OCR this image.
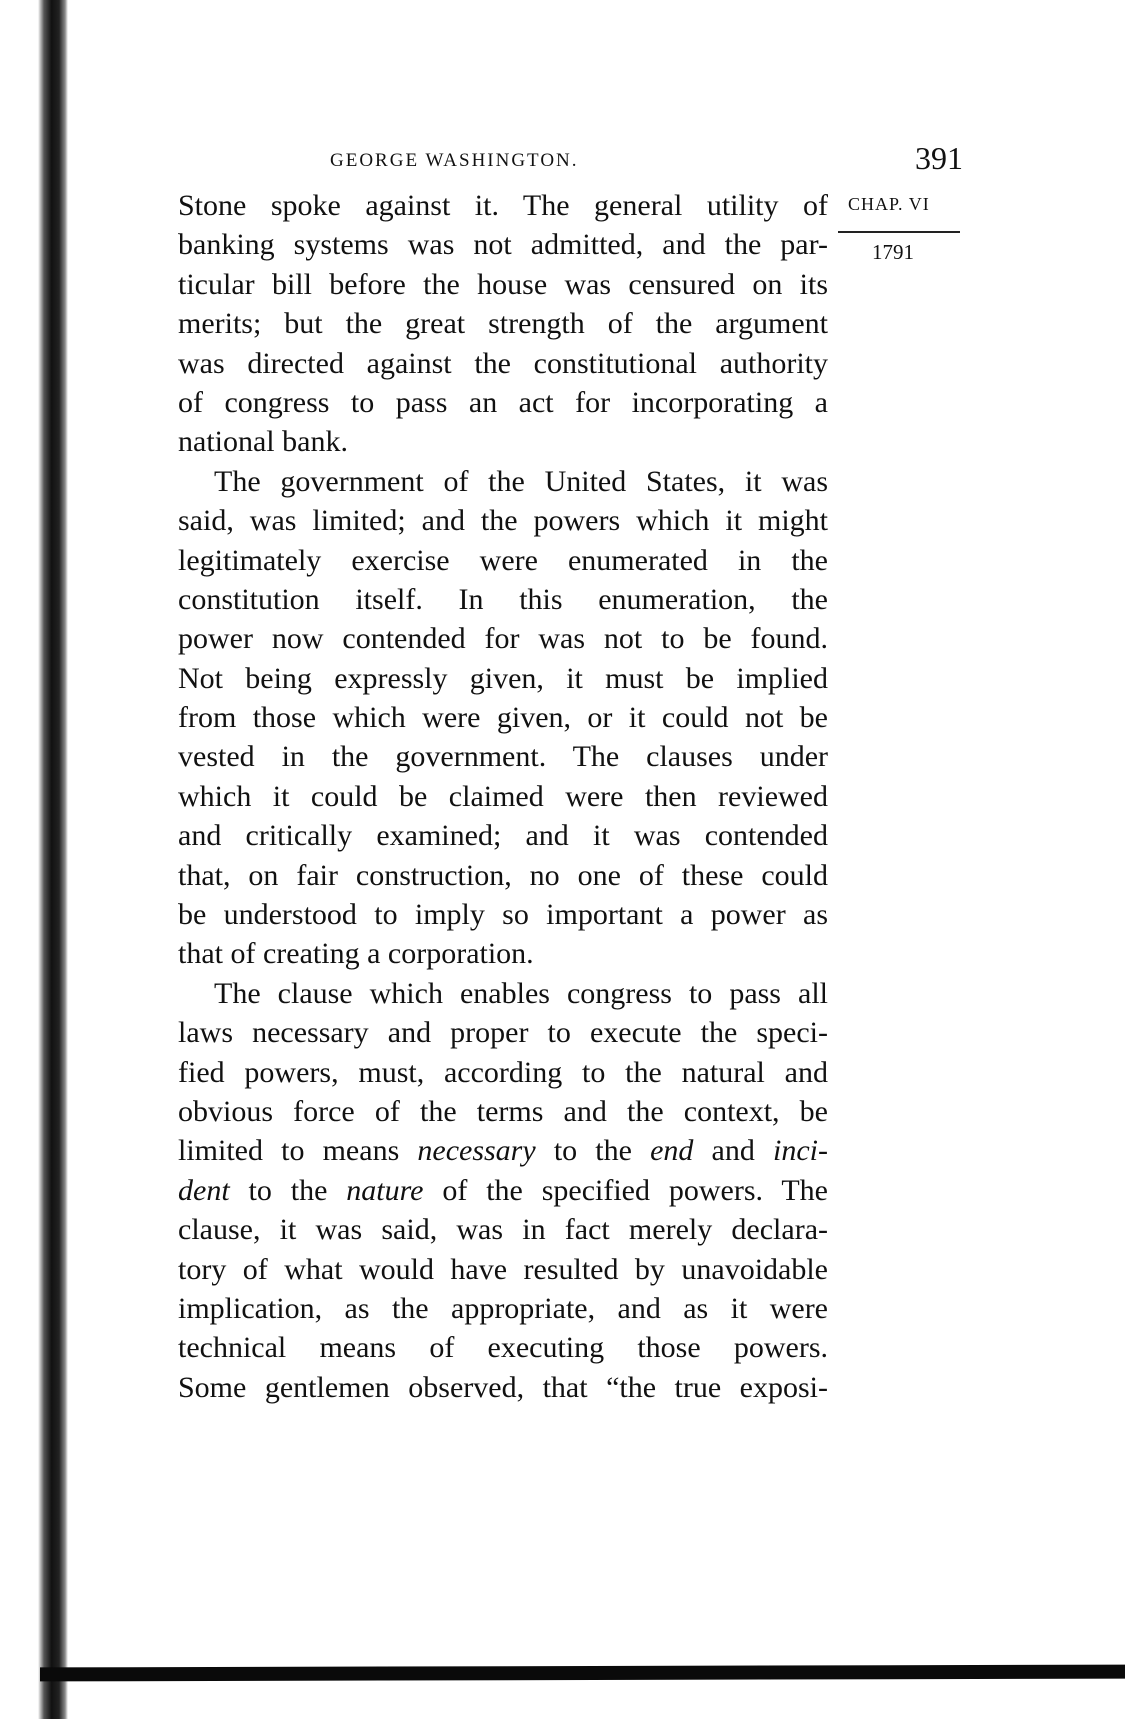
GEORGE WASHINGTON.	391
CHAP. VI
1791
Stone spoke against it. The general utility of
banking systems was not admitted, and the par-
ticular bill before the house was censured on its
merits; but the great strength of the argument
was directed against the constitutional authority
of congress to pass an act for incorporating a
national bank.
The government of the United States, it was
said, was limited; and the powers which it might
legitimately exercise were enumerated in the
constitution itself. In this enumeration, the
power now contended for was not to be found.
Not being expressly given, it must be implied
from those which were given, or it could not be
vested in the government. The clauses under
which it could be claimed were then reviewed
and critically examined; and it was contended
that, on fair construction, no one of these could
be understood to imply so important a power as
that of creating a corporation.
The clause which enables congress to pass all
laws necessary and proper to execute the speci-
fied powers, must, according to the natural and
obvious force of the terms and the context, be
limited to means necessary to the end and inci-
dent to the nature of the specified powers. The
clause, it was said, was in fact merely declara-
tory of what would have resulted by unavoidable
implication, as the appropriate, and as it were
technical means of executing those powers.
Some gentlemen observed, that “the true exposi-
